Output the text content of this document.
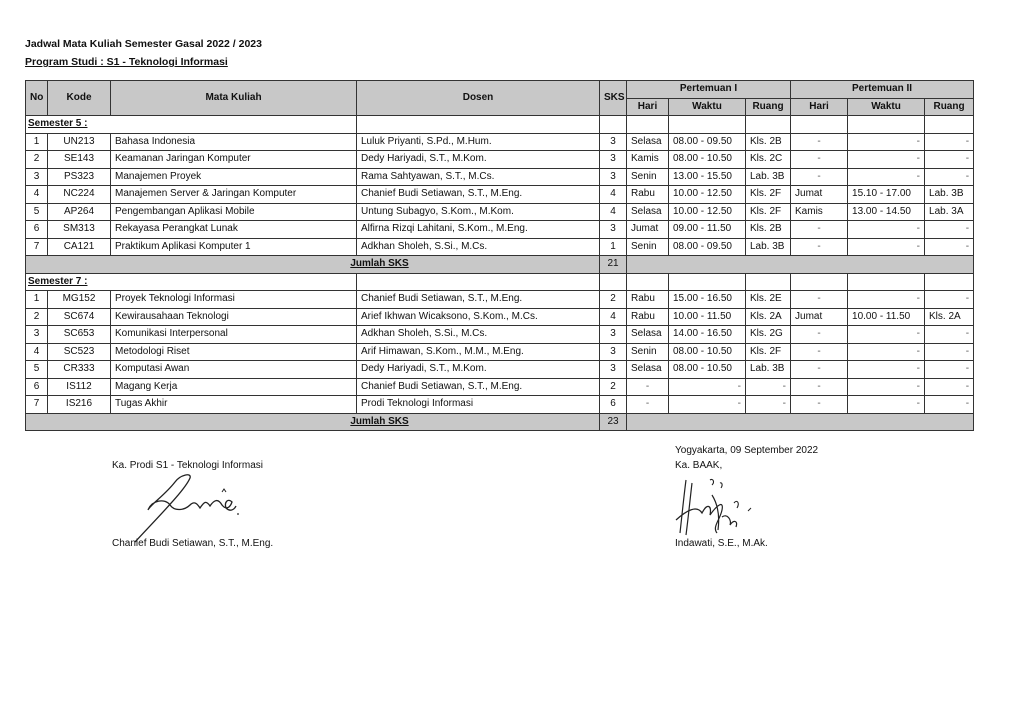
Jadwal Mata Kuliah Semester Gasal 2022 / 2023
Program Studi : S1 - Teknologi Informasi
No	Kode	Mata Kuliah	Dosen	SKS	Pertemuan I			Pertemuan II		
					Hari	Waktu	Ruang	Hari	Waktu	Ruang
Semester 5 :										
1	UN213	Bahasa Indonesia	Luluk Priyanti, S.Pd., M.Hum.	3	Selasa	08.00 - 09.50	Kls. 2B	-	-	-
2	SE143	Keamanan Jaringan Komputer	Dedy Hariyadi, S.T., M.Kom.	3	Kamis	08.00 - 10.50	Kls. 2C	-	-	-
3	PS323	Manajemen Proyek	Rama Sahtyawan, S.T., M.Cs.	3	Senin	13.00 - 15.50	Lab. 3B	-	-	-
4	NC224	Manajemen Server & Jaringan Komputer	Chanief Budi Setiawan, S.T., M.Eng.	4	Rabu	10.00 - 12.50	Kls. 2F	Jumat	15.10 - 17.00	Lab. 3B
5	AP264	Pengembangan Aplikasi Mobile	Untung Subagyo, S.Kom., M.Kom.	4	Selasa	10.00 - 12.50	Kls. 2F	Kamis	13.00 - 14.50	Lab. 3A
6	SM313	Rekayasa Perangkat Lunak	Alfirna Rizqi Lahitani, S.Kom., M.Eng.	3	Jumat	09.00 - 11.50	Kls. 2B	-	-	-
7	CA121	Praktikum Aplikasi Komputer 1	Adkhan Sholeh, S.Si., M.Cs.	1	Senin	08.00 - 09.50	Lab. 3B	-	-	-
Jumlah SKS				21						
Semester 7 :										
1	MG152	Proyek Teknologi Informasi	Chanief Budi Setiawan, S.T., M.Eng.	2	Rabu	15.00 - 16.50	Kls. 2E	-	-	-
2	SC674	Kewirausahaan Teknologi	Arief Ikhwan Wicaksono, S.Kom., M.Cs.	4	Rabu	10.00 - 11.50	Kls. 2A	Jumat	10.00 - 11.50	Kls. 2A
3	SC653	Komunikasi Interpersonal	Adkhan Sholeh, S.Si., M.Cs.	3	Selasa	14.00 - 16.50	Kls. 2G	-	-	-
4	SC523	Metodologi Riset	Arif Himawan, S.Kom., M.M., M.Eng.	3	Senin	08.00 - 10.50	Kls. 2F	-	-	-
5	CR333	Komputasi Awan	Dedy Hariyadi, S.T., M.Kom.	3	Selasa	08.00 - 10.50	Lab. 3B	-	-	-
6	IS112	Magang Kerja	Chanief Budi Setiawan, S.T., M.Eng.	2	-	-	-	-	-	-
7	IS216	Tugas Akhir	Prodi Teknologi Informasi	6	-	-	-	-	-	-
Jumlah SKS				23						
Ka. Prodi S1 - Teknologi Informasi
Chanief Budi Setiawan, S.T., M.Eng.
Yogyakarta, 09 September 2022
Ka. BAAK,
Indawati, S.E., M.Ak.
